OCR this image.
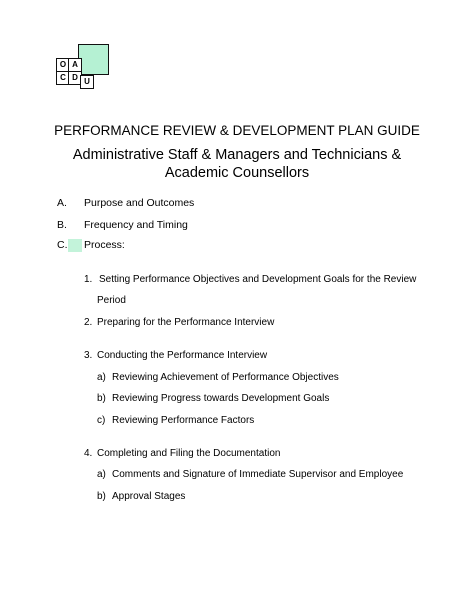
O
C
A
D U
PERFORMANCE REVIEW & DEVELOPMENT PLAN GUIDE
Administrative Staff & Managers and Technicians & Academic Counsellors
A. Purpose and Outcomes
B. Frequency and Timing
C. Process:
1. Setting Performance Objectives and Development Goals for the Review
Period
2. Preparing for the Performance Interview
3. Conducting the Performance Interview
a) Reviewing Achievement of Performance Objectives
b) Reviewing Progress towards Development Goals
c) Reviewing Performance Factors
4. Completing and Filing the Documentation
a) Comments and Signature of Immediate Supervisor and Employee
b) Approval Stages
